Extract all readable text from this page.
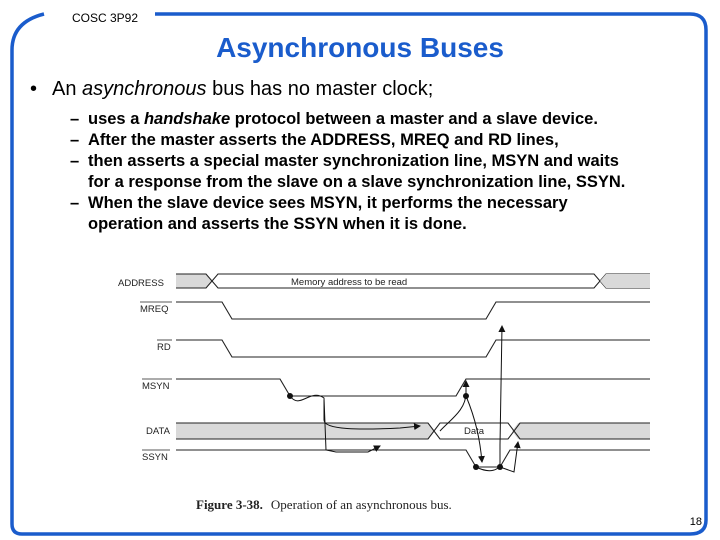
COSC 3P92
Asynchronous Buses
• An asynchronous bus has no master clock;
– uses a handshake protocol between a master and a slave device.
– After the master asserts the ADDRESS, MREQ and RD lines,
– then asserts a special master synchronization line, MSYN and waits
for a response from the slave on a slave synchronization line, SSYN.
– When the slave device sees MSYN, it performs the necessary
operation and asserts the SSYN when it is done.
ADDRESS
MREQ
RD
MSYN
DATA
SSYN
Memory address to be read
Data
Figure 3-38. Operation of an asynchronous bus.
18
